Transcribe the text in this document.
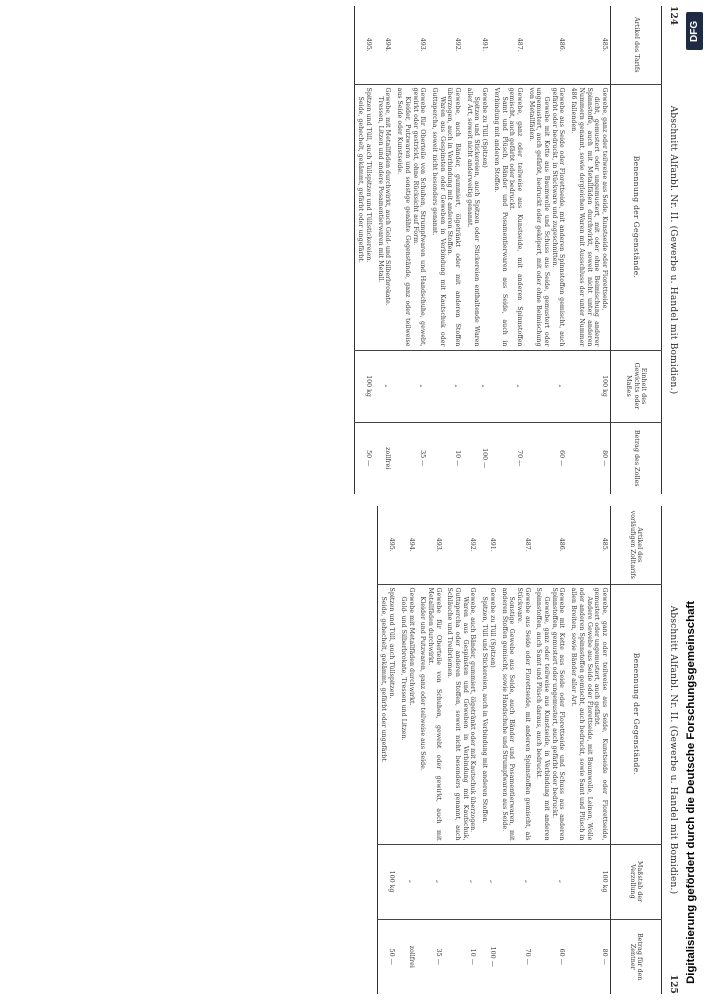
124
Abschnitt Alfanbl. Nr. II. (Gewerbe u. Handel mit Bomidien.)
Artikel des Tarifs	Benennung der Gegenstände.	Einheit des Gewichts oder Maßes	Betrag des Zolles
485.	Gewebe, ganz oder teilweise aus Seide, Kunstseide oder Florettseide,
dicht, gemustert oder ungemustert, mit oder ohne Beimischung anderer Spinnstoffe, auch mit Metallfäden durchwirkt, soweit nicht unter anderen Nummern genannt, sowie dergleichen Waren mit Ausschluss der unter Nummer 486 fallenden.	100 kg	80 —
486.	Gewebe aus Seide oder Florettseide, mit anderen Spinnstoffen gemischt, auch gefärbt oder bedruckt, in Stückware und zugeschnitten.
Gewebe mit Kette aus Baumwolle und Schuss aus Seide, gemustert oder ungemustert, auch gefärbt, bedruckt oder geköpert, mit oder ohne Beimischung von Metallfäden.	„	60 —
487.	Gewebe, ganz oder teilweise aus Kunstseide, mit anderen Spinnstoffen gemischt, auch gefärbt oder bedruckt.
Samt und Plüsch, Bänder und Posamentierwaren aus Seide, auch in Verbindung mit anderen Stoffen.	„	70 —
491.	Gewebe zu Tüll (Spitzen)
Spitzen und Stickereien, auch Spitzen oder Stickereien enthaltende Waren aller Art, soweit nicht anderweitig genannt.	„	100 —
492.	Gewebe, auch Bänder, gummiert, ölgetränkt oder mit anderen Stoffen überzogen, auch in Verbindung mit anderen Stoffen.
Waren aus Gespinsten oder Geweben in Verbindung mit Kautschuk oder Guttapercha, soweit nicht besonders genannt.	„	10 —
493.	Gewebe für Oberteile von Schuhen, Strumpfwaren und Handschuhe, gewebt, gewirkt oder gestrickt, ohne Rücksicht auf Form.
Kleider, Putzwaren und sonstige genähte Gegenstände, ganz oder teilweise aus Seide oder Kunstseide.	„	35 —
494.	Gewebe, mit Metallfäden durchwirkt, auch Gold- und Silberbrokate.
Tressen, Litzen und andere Posamentierwaren mit Metall.	„	zollfrei
495.	Spitzen und Tüll, auch Tüllspitzen und Tüllstickereien.
Seide, gehechelt, gekämmt, gefärbt oder ungefärbt.	100 kg	50 —
Abschnitt Alfanbl. Nr. II. (Gewerbe u. Handel mit Bomidien.)
125
Artikel des vorläufigen Zolltarifs	Benennung der Gegenstände.	Maßstab der Verzollung	Betrag für den Zentner
485.	Gewebe, ganz oder teilweise aus Seide, Kunstseide oder Florettseide, gemustert oder ungemustert, auch gefärbt.
Andere Gewebe aus Seide oder Florettseide, mit Baumwolle, Leinen, Wolle oder anderen Spinnstoffen gemischt, auch bedruckt, sowie Samt und Plüsch in allen Breiten, sowie Bänder aller Art.	100 kg	80 —
486.	Gewebe mit Kette aus Seide oder Florettseide und Schuss aus anderen Spinnstoffen, gemustert oder ungemustert, auch gefärbt oder bedruckt.
Gewebe, ganz oder teilweise aus Kunstseide, in Verbindung mit anderen Spinnstoffen, auch Samt und Plüsch daraus, auch bedruckt.	„	60 —
487.	Gewebe aus Seide oder Florettseide, mit anderen Spinnstoffen gemischt, als Stückware.
Sonstige Gewebe aus Seide, auch Bänder und Posamentierwaren, mit anderen Stoffen gemischt, sowie Handschuhe und Strumpfwaren aus Seide.	„	70 —
491.	Gewebe zu Tüll (Spitzen)
Spitzen, Tüll und Stickereien, auch in Verbindung mit anderen Stoffen.	„	100 —
492.	Gewebe, auch Bänder, gummiert, ölgetränkt oder mit Kautschuk überzogen.
Waren aus Gespinsten und Geweben in Verbindung mit Kautschuk, Guttapercha oder anderen Stoffen, soweit nicht besonders genannt, auch Schläuche und Treibriemen.	„	10 —
493.	Gewebe für Oberteile von Schuhen, gewebt oder gewirkt, auch mit Metallfäden durchwirkt.
Kleider und Putzwaren, ganz oder teilweise aus Seide.	„	35 —
494.	Gewebe mit Metallfäden durchwirkt.
Gold- und Silberbrokate, Tressen und Litzen.	„	zollfrei
495.	Spitzen und Tüll, auch Tüllspitzen.
Seide, gehechelt, gekämmt, gefärbt oder ungefärbt.	100 kg	50 —
DFG
Digitalisierung gefördert durch die Deutsche Forschungsgemeinschaft
